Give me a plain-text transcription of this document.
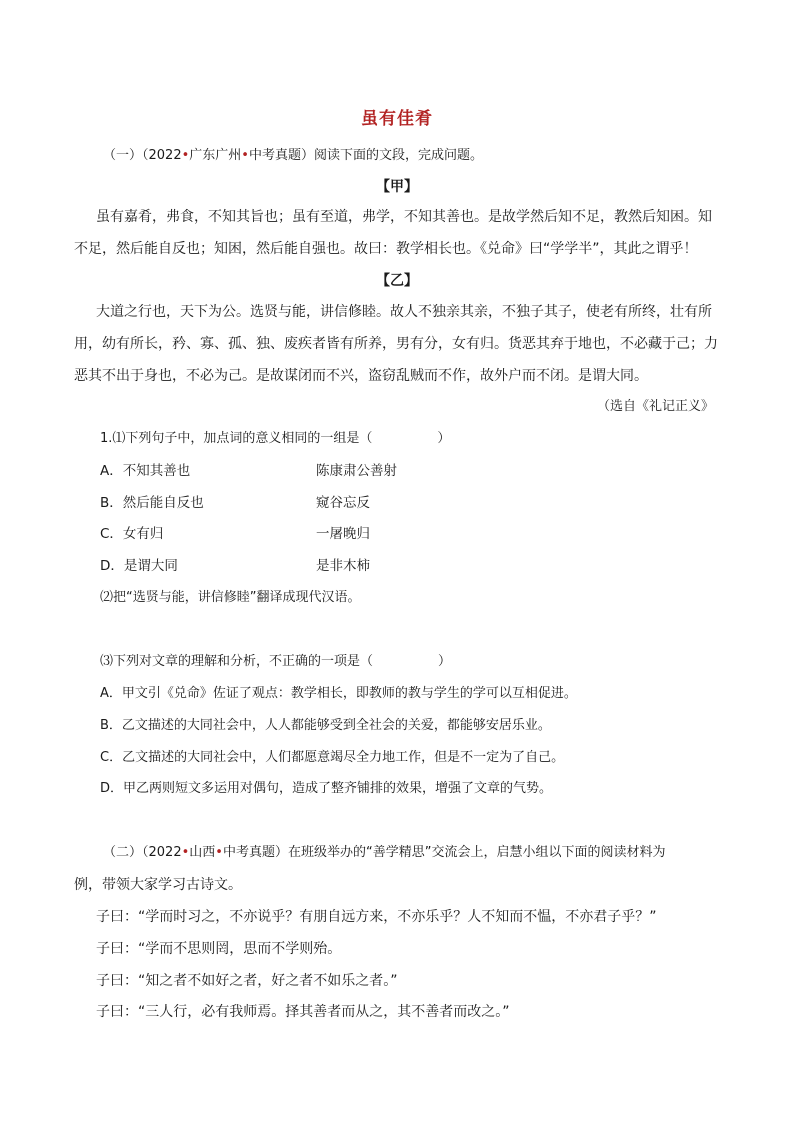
虽有佳肴
（一）（2022•广东广州•中考真题）阅读下面的文段，完成问题。
【甲】
虽有嘉肴，弗食，不知其旨也；虽有至道，弗学，不知其善也。是故学然后知不足，教然后知困。知
不足，然后能自反也；知困，然后能自强也。故曰：教学相长也。《兑命》曰“学学半”，其此之谓乎！
【乙】
大道之行也，天下为公。选贤与能，讲信修睦。故人不独亲其亲，不独子其子，使老有所终，壮有所
用，幼有所长，矜、寡、孤、独、废疾者皆有所养，男有分，女有归。货恶其弃于地也，不必藏于己；力
恶其不出于身也，不必为己。是故谋闭而不兴，盗窃乱贼而不作，故外户而不闭。是谓大同。
（选自《礼记正义》
1.⑴下列句子中，加点词的意义相同的一组是（　　　　　）
A．不知其善也	陈康肃公善射
B．然后能自反也	窥谷忘反
C．女有归	一屠晚归
D．是谓大同	是非木柿
⑵把“选贤与能，讲信修睦”翻译成现代汉语。
⑶下列对文章的理解和分析，不正确的一项是（　　　　　）
A．甲文引《兑命》佐证了观点：教学相长，即教师的教与学生的学可以互相促进。
B．乙文描述的大同社会中，人人都能够受到全社会的关爱，都能够安居乐业。
C．乙文描述的大同社会中，人们都愿意竭尽全力地工作，但是不一定为了自己。
D．甲乙两则短文多运用对偶句，造成了整齐铺排的效果，增强了文章的气势。
（二）（2022•山西•中考真题）在班级举办的“善学精思”交流会上，启慧小组以下面的阅读材料为
例，带领大家学习古诗文。
子曰：“学而时习之，不亦说乎？有朋自远方来，不亦乐乎？人不知而不愠，不亦君子乎？”
子曰：“学而不思则罔，思而不学则殆。
子曰：“知之者不如好之者，好之者不如乐之者。”
子曰：“三人行，必有我师焉。择其善者而从之，其不善者而改之。”
